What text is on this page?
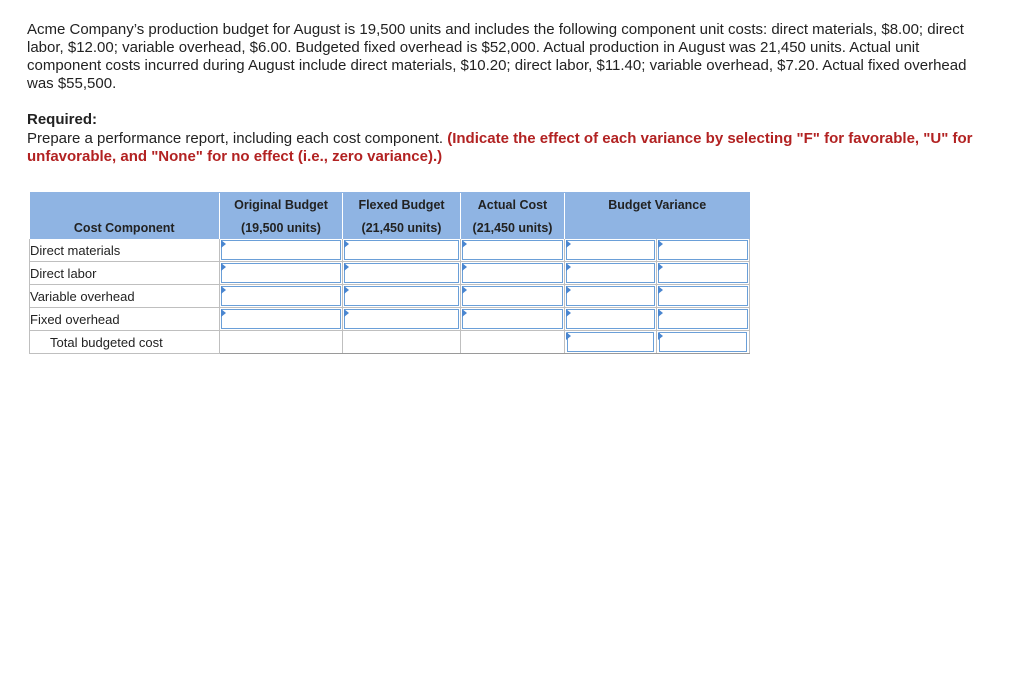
Acme Company’s production budget for August is 19,500 units and includes the following component unit costs: direct materials, $8.00; direct labor, $12.00; variable overhead, $6.00. Budgeted fixed overhead is $52,000. Actual production in August was 21,450 units. Actual unit component costs incurred during August include direct materials, $10.20; direct labor, $11.40; variable overhead, $7.20. Actual fixed overhead was $55,500.
Required:
Prepare a performance report, including each cost component. (Indicate the effect of each variance by selecting "F" for favorable, "U" for unfavorable, and "None" for no effect (i.e., zero variance).)
	Original Budget	Flexed Budget	Actual Cost	Budget Variance	
Cost Component	(19,500 units)	(21,450 units)	(21,450 units)		
Direct materials	

Direct labor	

Variable overhead	

Fixed overhead	

Total budgeted cost				
